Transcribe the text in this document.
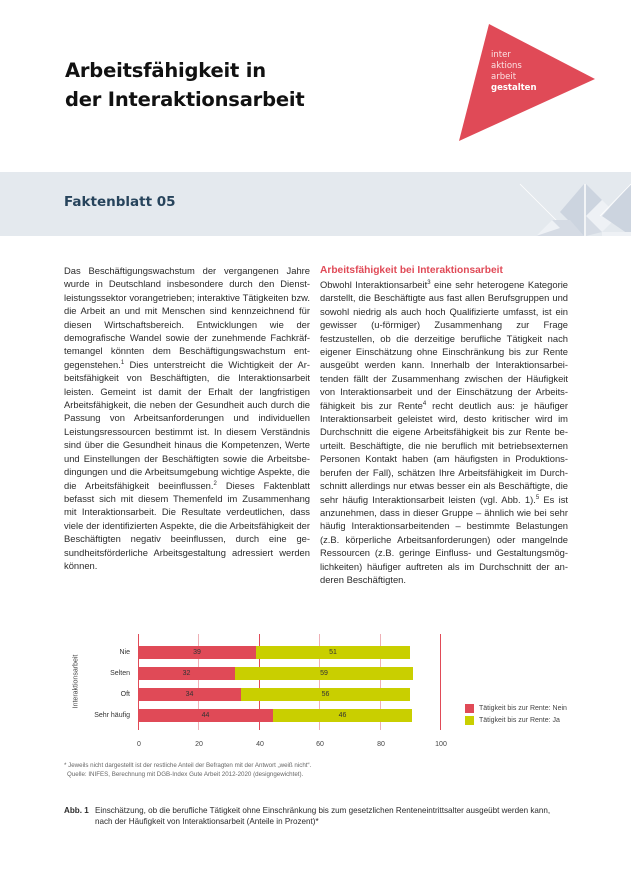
Arbeitsfähigkeit in
der Interaktionsarbeit
inter
aktions
arbeit
gestalten
Faktenblatt 05

Das Beschäftigungswachstum der vergangenen Jahre wurde in Deutschland insbesondere durch den Dienstleistungssektor vorangetrieben; interaktive Tätigkeiten bzw. die Arbeit an und mit Menschen sind kennzeichnend für diesen Wirtschaftsbereich. Entwicklungen wie der demografische Wandel sowie der zunehmende Fachkräftemangel könnten dem Beschäftigungswachstum entgegenstehen.$^1$ Dies unterstreicht die Wichtigkeit der Arbeitsfähigkeit von Beschäftigten, die Interaktionsarbeit leisten. Gemeint ist damit der Erhalt der langfristigen Arbeitsfähigkeit, die neben der Gesundheit auch durch die Passung von Arbeitsanforderungen und individuellen Leistungsressourcen bestimmt ist. In diesem Verständnis sind über die Gesundheit hinaus die Kompetenzen, Werte und Einstellungen der Beschäftigten sowie die Arbeitsbedingungen und die Arbeitsumgebung wichtige Aspekte, die die Arbeitsfähigkeit beeinflussen.$^2$ Dieses Faktenblatt befasst sich mit diesem Themenfeld im Zusammenhang mit Interaktionsarbeit. Die Resultate verdeutlichen, dass viele der identifizierten Aspekte, die die Arbeitsfähigkeit der Beschäftigten negativ beeinflussen, durch eine gesundheitsförderliche Arbeitsgestaltung adressiert werden können.

Arbeitsfähigkeit bei Interaktionsarbeit

Obwohl Interaktionsarbeit$^3$ eine sehr heterogene Kategorie darstellt, die Beschäftigte aus fast allen Berufsgruppen und sowohl niedrig als auch hoch Qualifizierte umfasst, ist ein gewisser (u-förmiger) Zusammenhang zur Frage festzustellen, ob die derzeitige berufliche Tätigkeit nach eigener Einschätzung ohne Einschränkung bis zur Rente ausgeübt werden kann. Innerhalb der Interaktionsarbeitenden fällt der Zusammenhang zwischen der Häufigkeit von Interaktionsarbeit und der Einschätzung der Arbeitsfähigkeit bis zur Rente$^4$ recht deutlich aus: je häufiger Interaktionsarbeit geleistet wird, desto kritischer wird im Durchschnitt die eigene Arbeitsfähigkeit bis zur Rente beurteilt. Beschäftigte, die nie beruflich mit betriebsexternen Personen Kontakt haben (am häufigsten in Produktionsberufen der Fall), schätzen Ihre Arbeitsfähigkeit im Durchschnitt allerdings nur etwas besser ein als Beschäftigte, die sehr häufig Interaktionsarbeit leisten (vgl. Abb. 1).$^5$ Es ist anzunehmen, dass in dieser Gruppe – ähnlich wie bei sehr häufig Interaktionsarbeitenden – bestimmte Belastungen (z.B. körperliche Arbeitsanforderungen) oder mangelnde Ressourcen (z.B. geringe Einfluss- und Gestaltungsmöglichkeiten) häufiger auftreten als im Durchschnitt der anderen Beschäftigten.

Interaktionsarbeit
Nie
Selten
Oft
Sehr häufig
39	51
32	59
34	56
44	46
0	20	40	60	80	100
Tätigkeit bis zur Rente: Nein
Tätigkeit bis zur Rente: Ja
* Jeweils nicht dargestellt ist der restliche Anteil der Befragten mit der Antwort „weiß nicht“.
Quelle: INIFES, Berechnung mit DGB-Index Gute Arbeit 2012-2020 (designgewichtet).
Abb. 1 Einschätzung, ob die berufliche Tätigkeit ohne Einschränkung bis zum gesetzlichen Renteneintrittsalter ausgeübt werden kann, nach der Häufigkeit von Interaktionsarbeit (Anteile in Prozent)*
